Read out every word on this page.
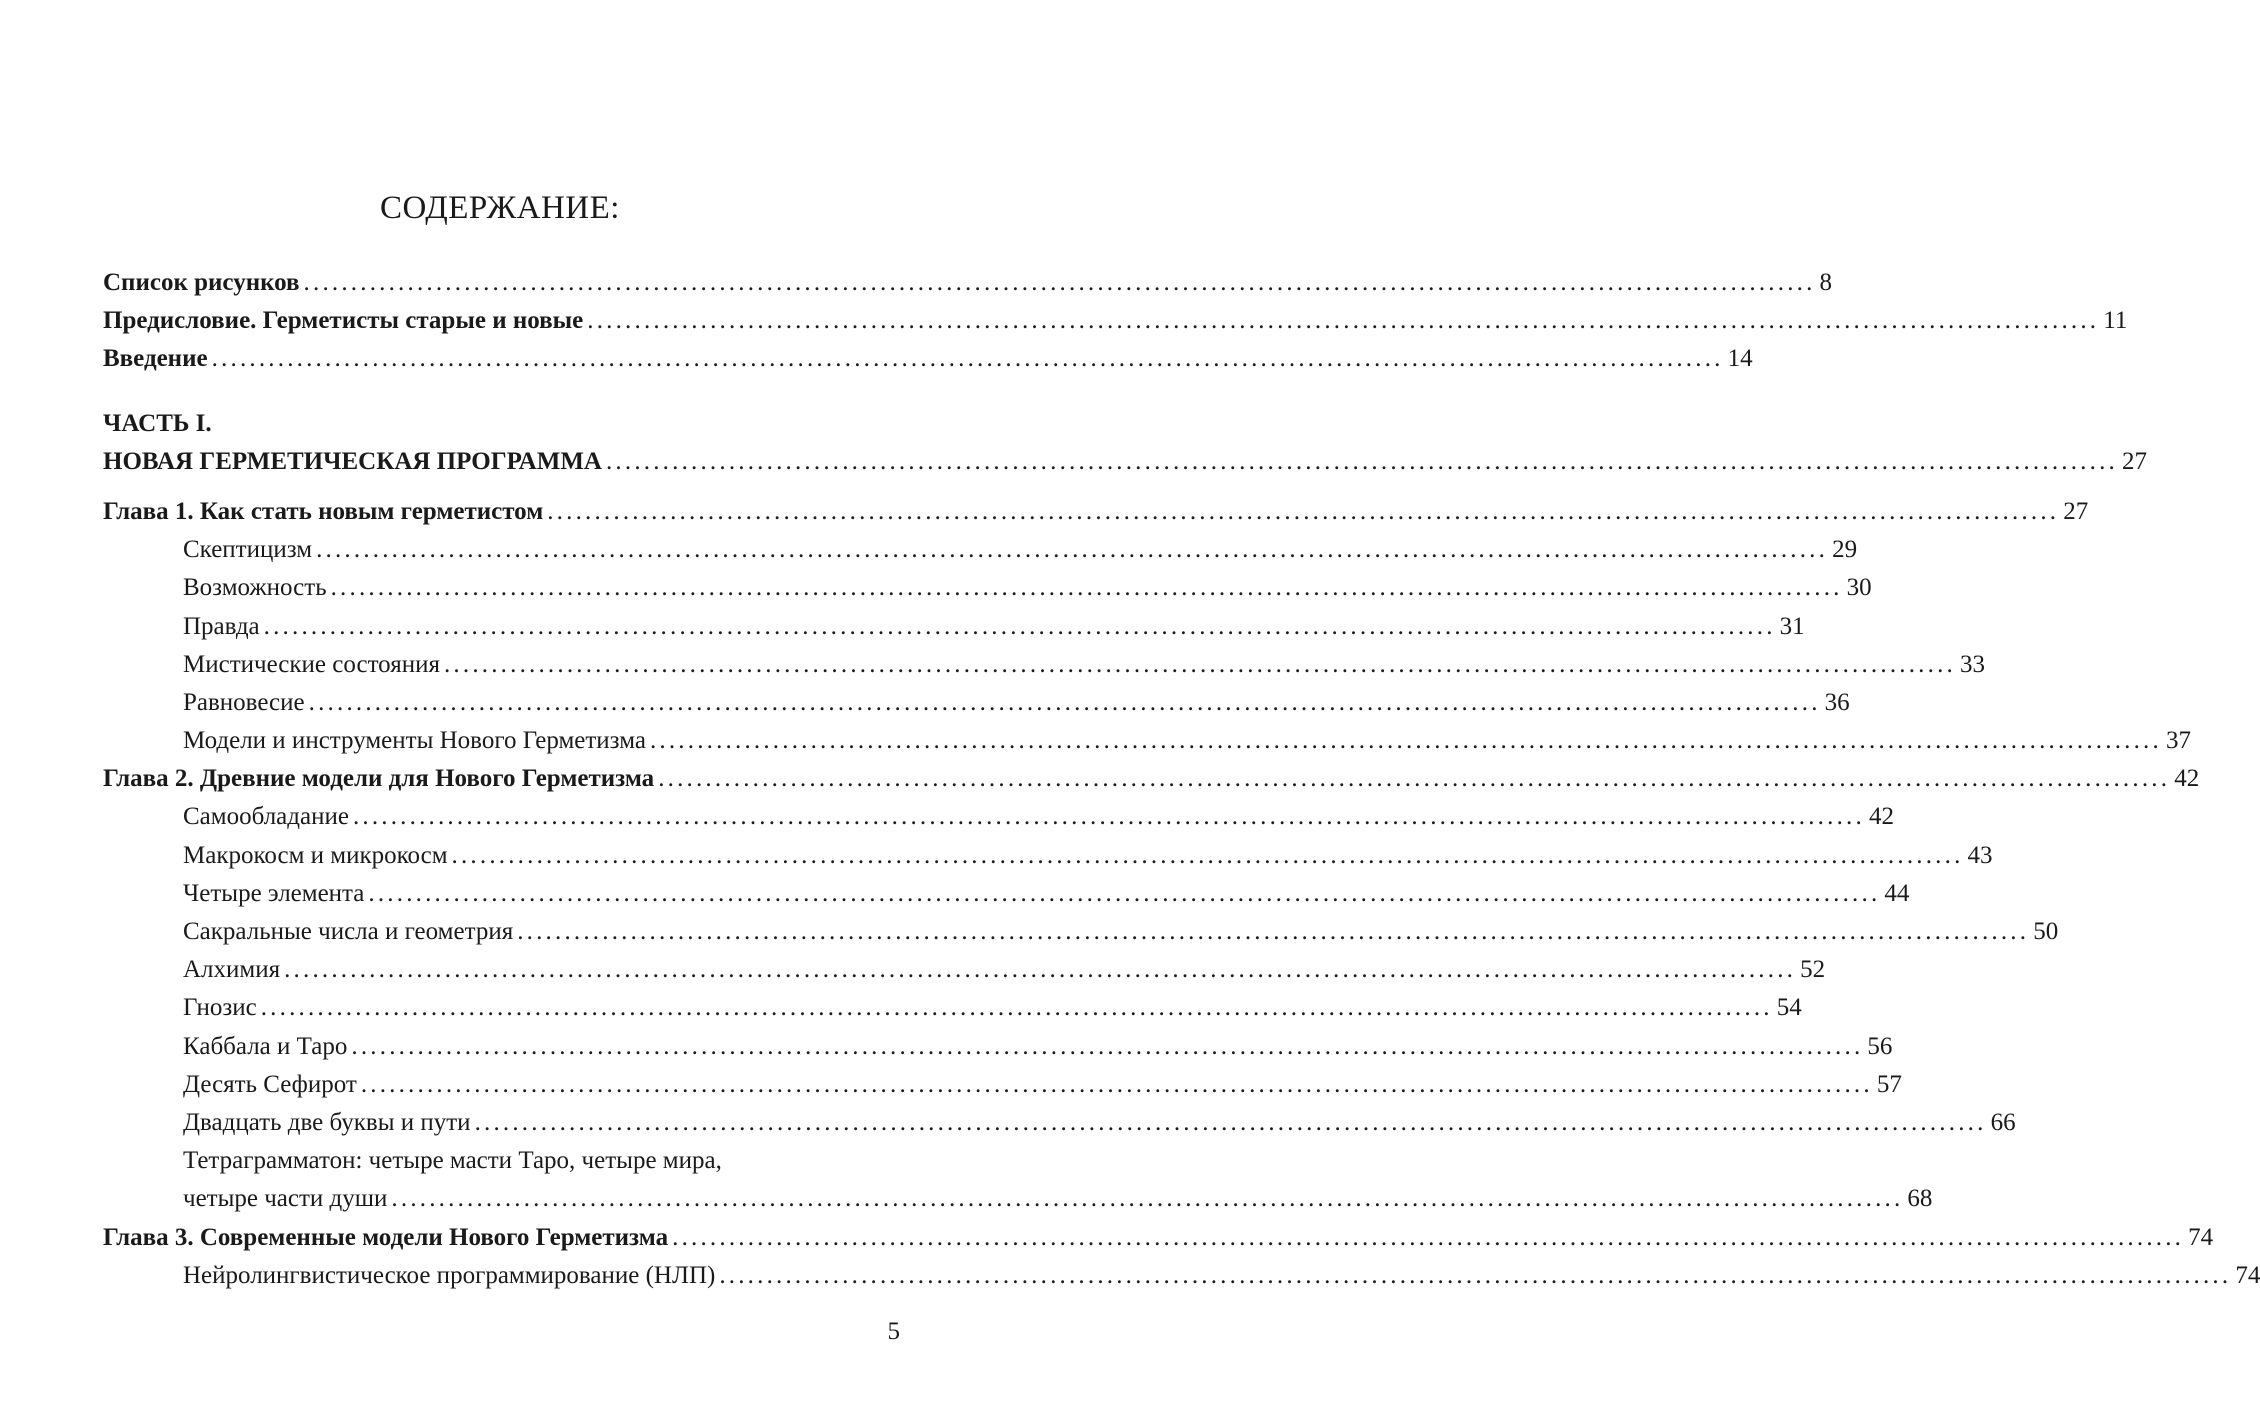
СОДЕРЖАНИЕ:
Список рисунков ................................................................................................................................................................ 8
Предисловие. Герметисты старые и новые ................................................................................................................................................................ 11
Введение ................................................................................................................................................................ 14
ЧАСТЬ I.
НОВАЯ ГЕРМЕТИЧЕСКАЯ ПРОГРАММА ................................................................................................................................................................ 27
Глава 1. Как стать новым герметистом ................................................................................................................................................................ 27
Скептицизм ................................................................................................................................................................ 29
Возможность ................................................................................................................................................................ 30
Правда ................................................................................................................................................................ 31
Мистические состояния ................................................................................................................................................................ 33
Равновесие ................................................................................................................................................................ 36
Модели и инструменты Нового Герметизма ................................................................................................................................................................ 37
Глава 2. Древние модели для Нового Герметизма ................................................................................................................................................................ 42
Самообладание ................................................................................................................................................................ 42
Макрокосм и микрокосм ................................................................................................................................................................ 43
Четыре элемента ................................................................................................................................................................ 44
Сакральные числа и геометрия ................................................................................................................................................................ 50
Алхимия ................................................................................................................................................................ 52
Гнозис ................................................................................................................................................................ 54
Каббала и Таро ................................................................................................................................................................ 56
Десять Сефирот ................................................................................................................................................................ 57
Двадцать две буквы и пути ................................................................................................................................................................ 66
Тетраграмматон: четыре масти Таро, четыре мира,
четыре части души ................................................................................................................................................................ 68
Глава 3. Современные модели Нового Герметизма ................................................................................................................................................................ 74
Нейролингвистическое программирование (НЛП) ................................................................................................................................................................ 74
5
